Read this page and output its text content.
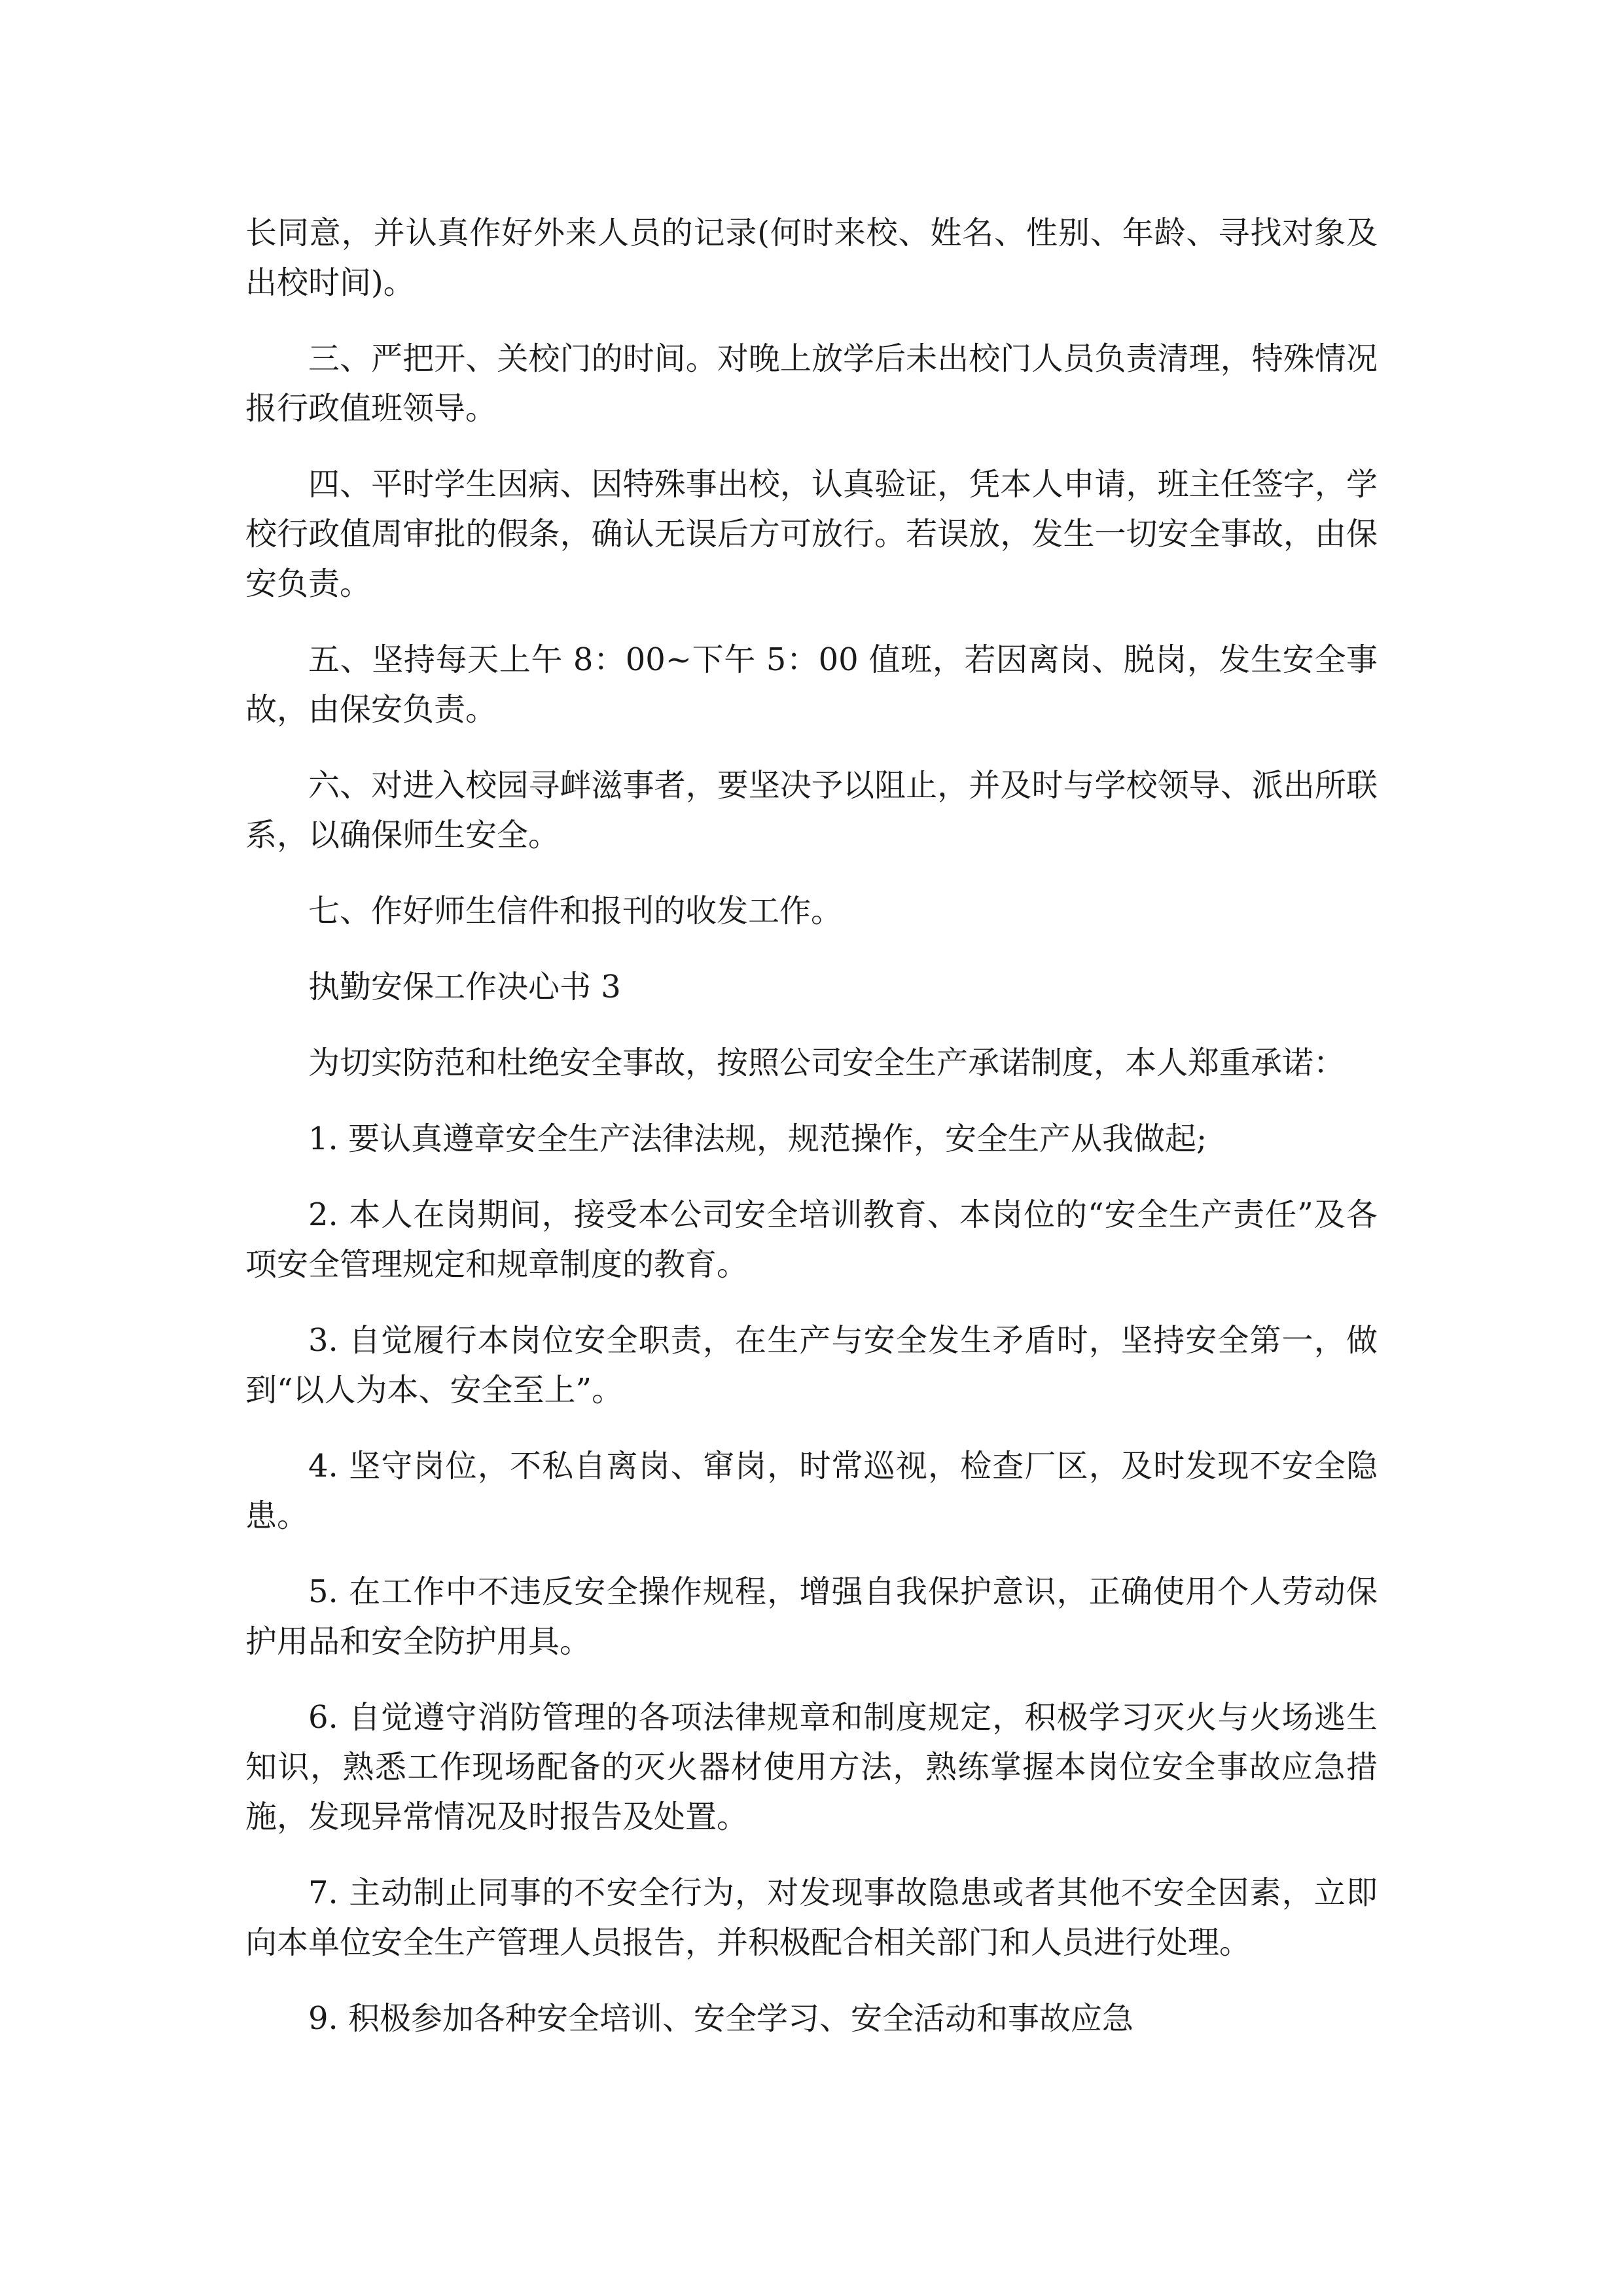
长同意，并认真作好外来人员的记录(何时来校、姓名、性别、年龄、寻找对象及出校时间)。

三、严把开、关校门的时间。对晚上放学后未出校门人员负责清理，特殊情况报行政值班领导。

四、平时学生因病、因特殊事出校，认真验证，凭本人申请，班主任签字，学校行政值周审批的假条，确认无误后方可放行。若误放，发生一切安全事故，由保安负责。

五、坚持每天上午 8：00~下午 5：00 值班，若因离岗、脱岗，发生安全事故，由保安负责。

六、对进入校园寻衅滋事者，要坚决予以阻止，并及时与学校领导、派出所联系，以确保师生安全。

七、作好师生信件和报刊的收发工作。

执勤安保工作决心书 3

为切实防范和杜绝安全事故，按照公司安全生产承诺制度，本人郑重承诺：

1. 要认真遵章安全生产法律法规，规范操作，安全生产从我做起;

2. 本人在岗期间，接受本公司安全培训教育、本岗位的“安全生产责任”及各项安全管理规定和规章制度的教育。

3. 自觉履行本岗位安全职责，在生产与安全发生矛盾时，坚持安全第一，做到“以人为本、安全至上”。

4. 坚守岗位，不私自离岗、窜岗，时常巡视，检查厂区，及时发现不安全隐患。

5. 在工作中不违反安全操作规程，增强自我保护意识，正确使用个人劳动保护用品和安全防护用具。

6. 自觉遵守消防管理的各项法律规章和制度规定，积极学习灭火与火场逃生知识，熟悉工作现场配备的灭火器材使用方法，熟练掌握本岗位安全事故应急措施，发现异常情况及时报告及处置。

7. 主动制止同事的不安全行为，对发现事故隐患或者其他不安全因素，立即向本单位安全生产管理人员报告，并积极配合相关部门和人员进行处理。

9. 积极参加各种安全培训、安全学习、安全活动和事故应急
